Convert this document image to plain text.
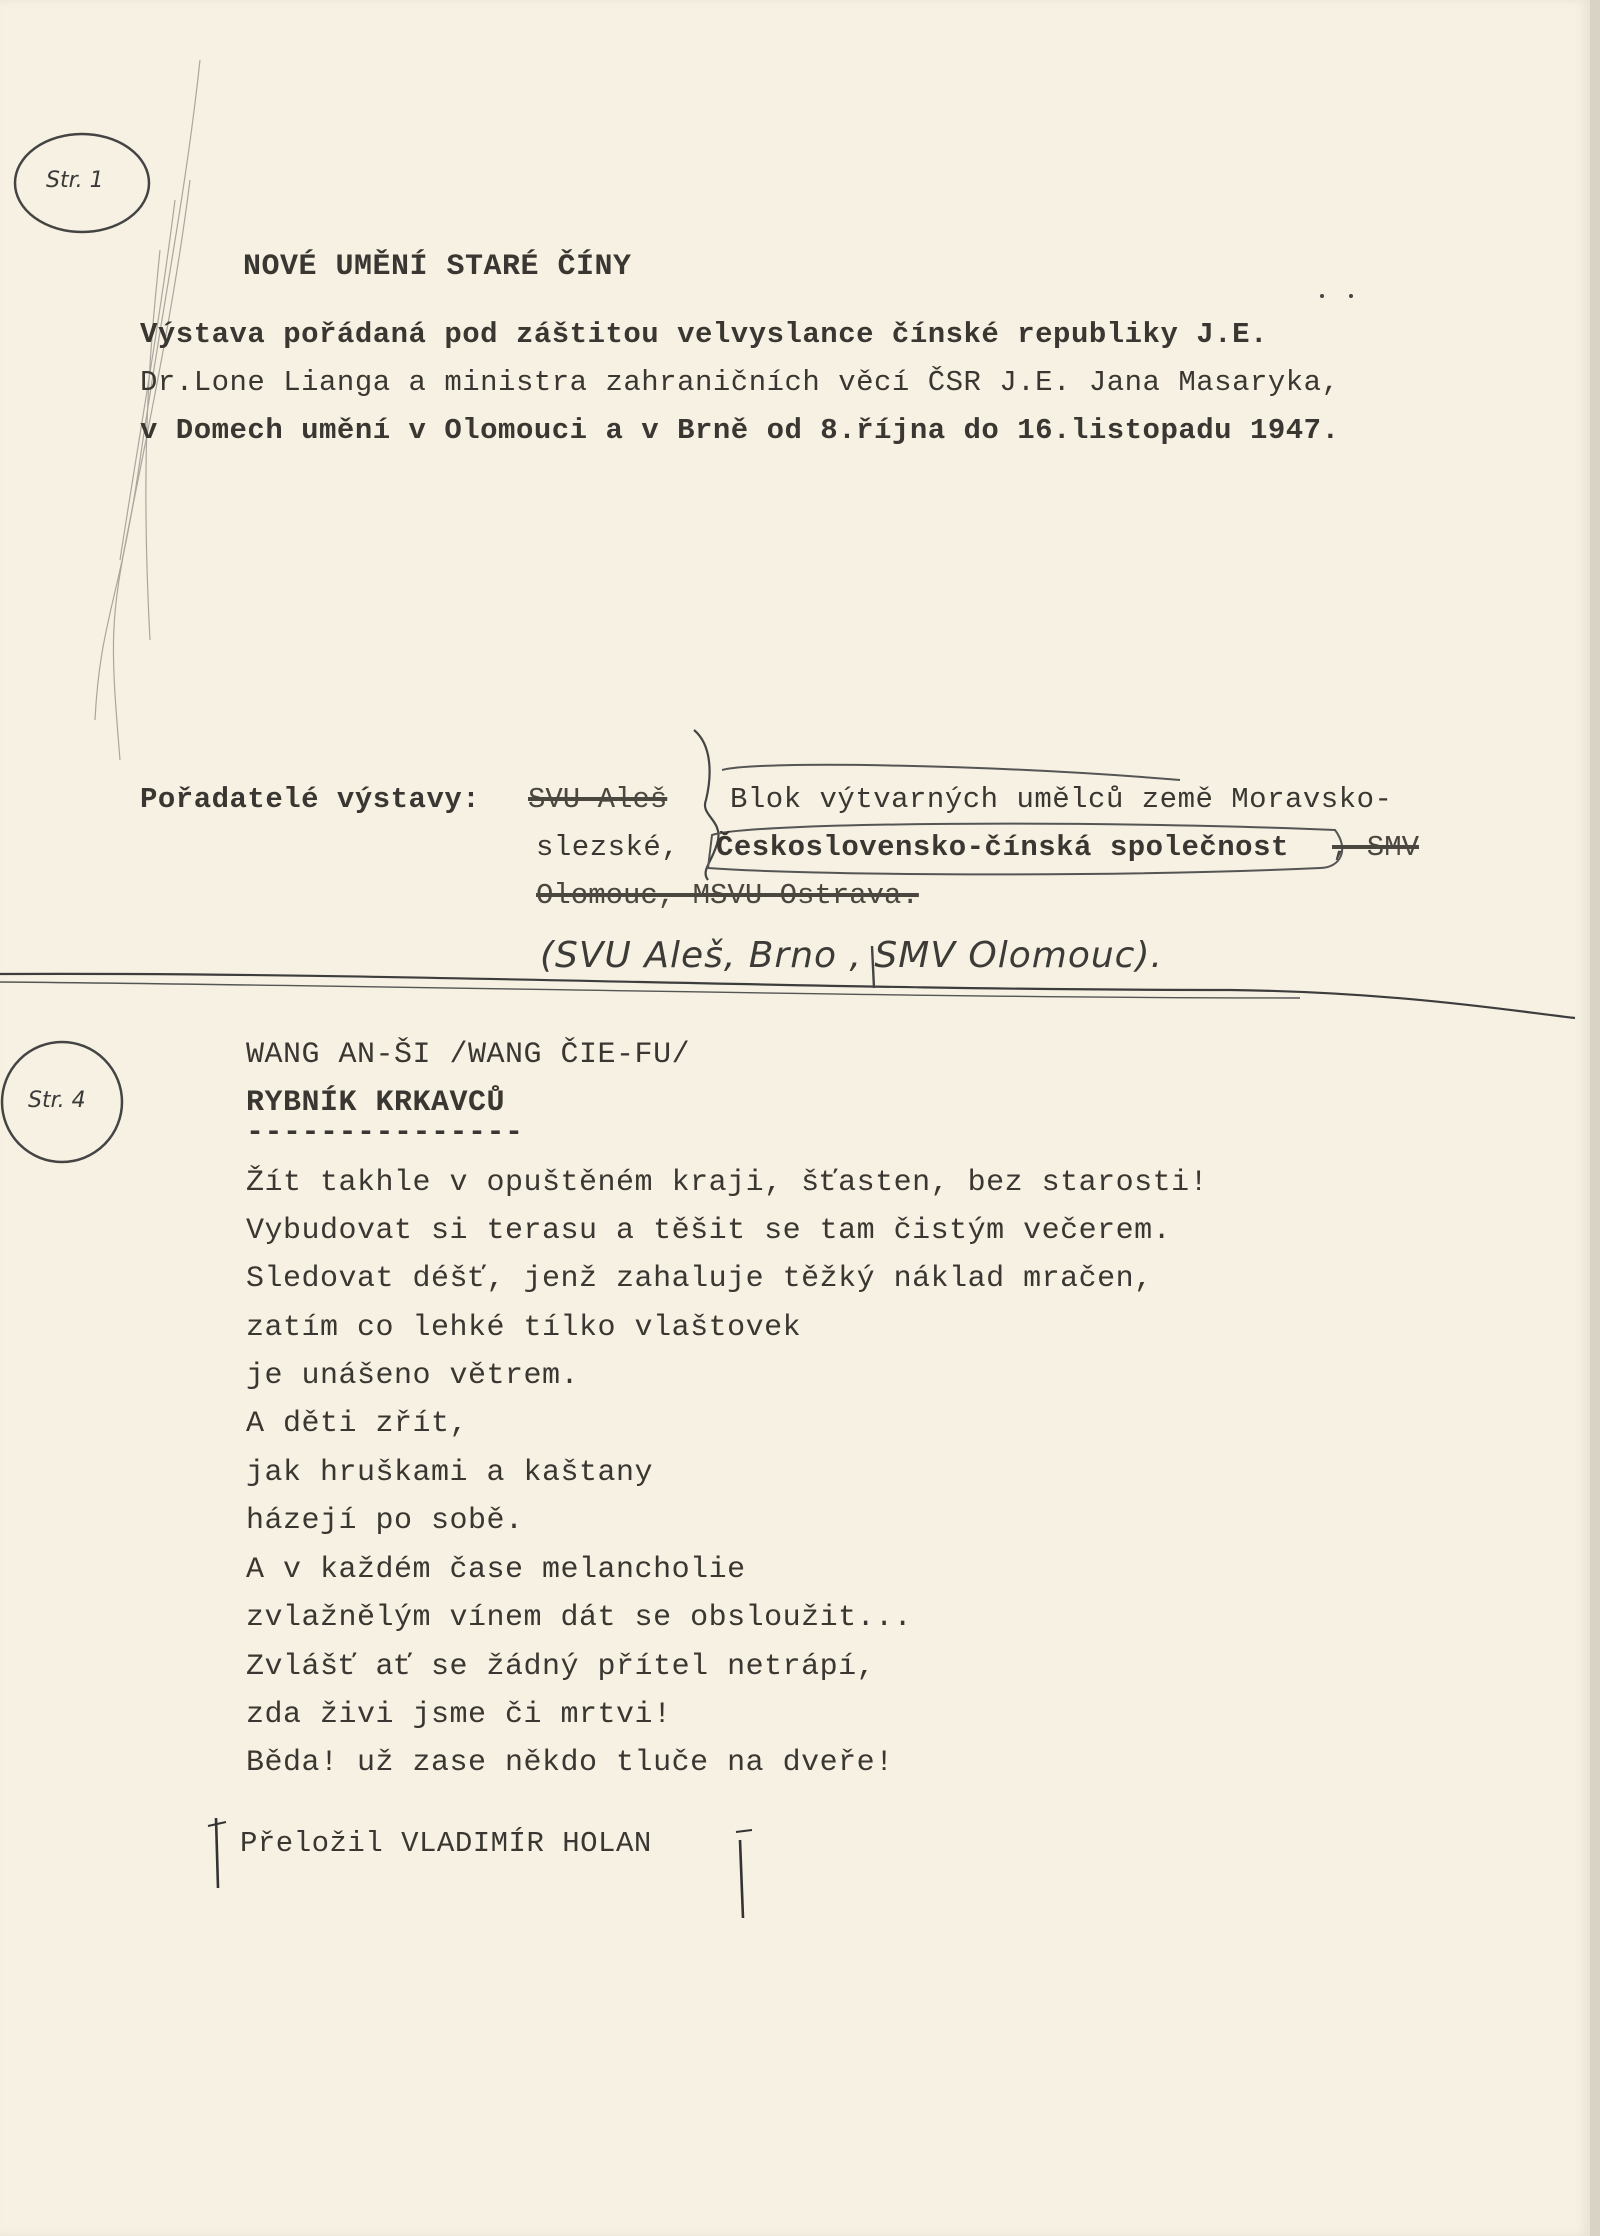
Str. 1
Str. 4
NOVÉ UMĚNÍ STARÉ ČÍNY
Výstava pořádaná pod záštitou velvyslance čínské republiky J.E.
Dr.Lone Lianga a ministra zahraničních věcí ČSR J.E. Jana Masaryka,
v Domech umění v Olomouci a v Brně od 8.října do 16.listopadu 1947.
Pořadatelé výstavy: SVU Aleš Blok výtvarných umělců země Moravsko-
slezské, Československo-čínská společnost , SMV
Olomouc, MSVU Ostrava.
(SVU Aleš, Brno , SMV Olomouc).
WANG AN-ŠI /WANG ČIE-FU/
RYBNÍK KRKAVCŮ
---------------
Žít takhle v opuštěném kraji, šťasten, bez starosti!
Vybudovat si terasu a těšit se tam čistým večerem.
Sledovat déšť, jenž zahaluje těžký náklad mračen,
zatím co lehké tílko vlaštovek
je unášeno větrem.
A děti zřít,
jak hruškami a kaštany
házejí po sobě.
A v každém čase melancholie
zvlažnělým vínem dát se obsloužit...
Zvlášť ať se žádný přítel netrápí,
zda živi jsme či mrtvi!
Běda! už zase někdo tluče na dveře!
Přeložil VLADIMÍR HOLAN
